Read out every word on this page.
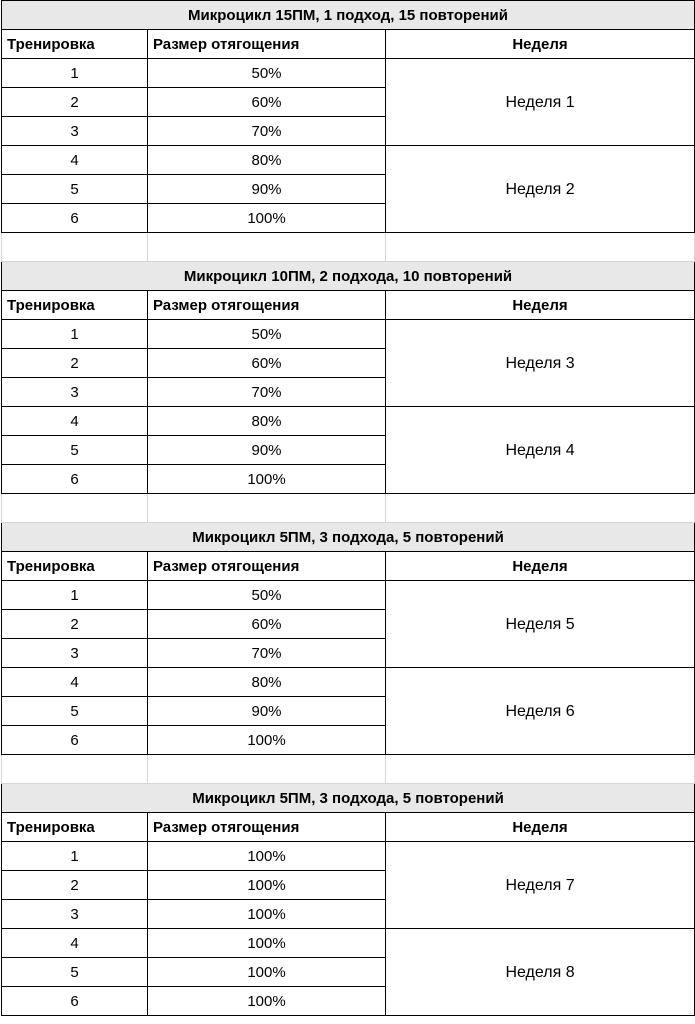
Микроцикл 15ПМ, 1 подход, 15 повторений		
Тренировка	Размер отягощения	Неделя
1	50%	Неделя 1
2	60%	
3	70%	
4	80%	Неделя 2
5	90%	
6	100%	

Микроцикл 10ПМ, 2 подхода, 10 повторений		
Тренировка	Размер отягощения	Неделя
1	50%	Неделя 3
2	60%	
3	70%	
4	80%	Неделя 4
5	90%	
6	100%	

Микроцикл 5ПМ, 3 подхода, 5 повторений		
Тренировка	Размер отягощения	Неделя
1	50%	Неделя 5
2	60%	
3	70%	
4	80%	Неделя 6
5	90%	
6	100%	

Микроцикл 5ПМ, 3 подхода, 5 повторений		
Тренировка	Размер отягощения	Неделя
1	100%	Неделя 7
2	100%	
3	100%	
4	100%	Неделя 8
5	100%	
6	100%	
